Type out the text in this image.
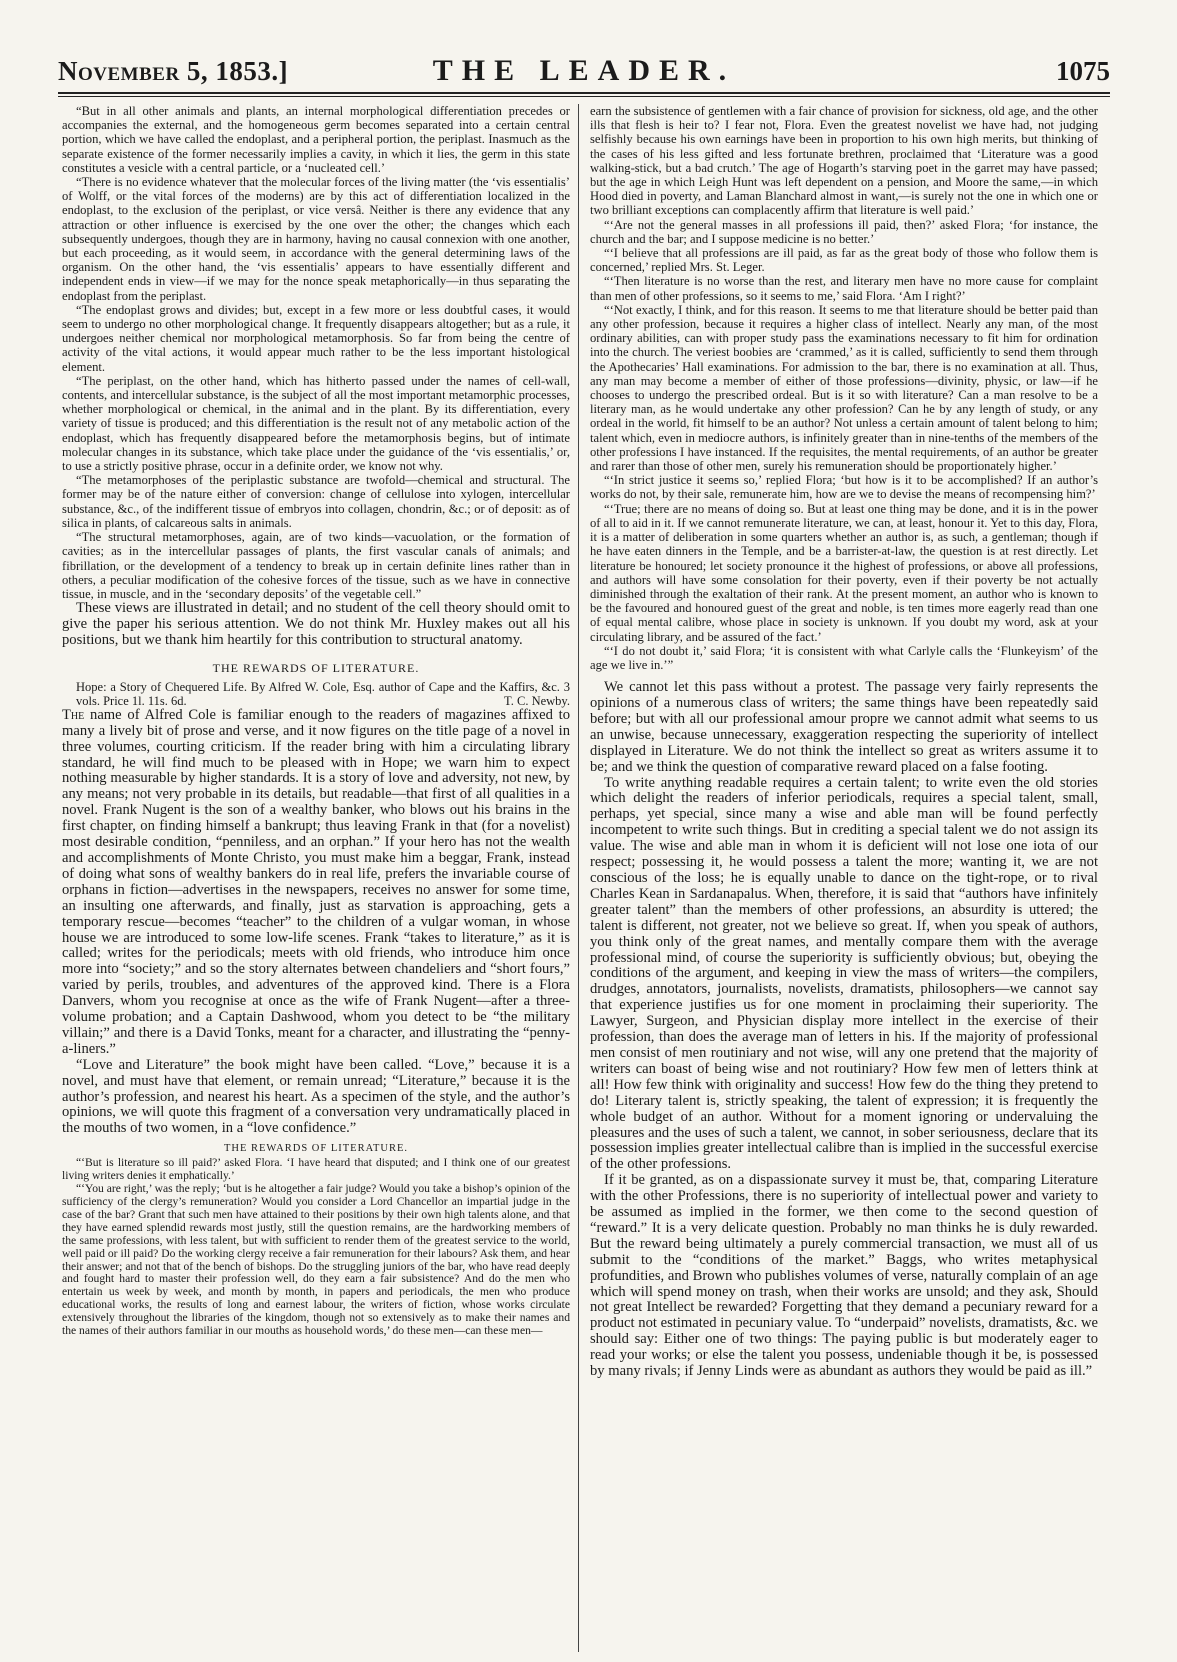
November 5, 1853.]	THE LEADER.	1075

“But in all other animals and plants, an internal morphological differentiation precedes or accompanies the external, and the homogeneous germ becomes separated into a certain central portion, which we have called the endoplast, and a peripheral portion, the periplast. Inasmuch as the separate existence of the former necessarily implies a cavity, in which it lies, the germ in this state constitutes a vesicle with a central particle, or a ‘nucleated cell.’

“There is no evidence whatever that the molecular forces of the living matter (the ‘vis essentialis’ of Wolff, or the vital forces of the moderns) are by this act of differentiation localized in the endoplast, to the exclusion of the periplast, or vice versâ. Neither is there any evidence that any attraction or other influence is exercised by the one over the other; the changes which each subsequently undergoes, though they are in harmony, having no causal connexion with one another, but each proceeding, as it would seem, in accordance with the general determining laws of the organism. On the other hand, the ‘vis essentialis’ appears to have essentially different and independent ends in view—if we may for the nonce speak metaphorically—in thus separating the endoplast from the periplast.

“The endoplast grows and divides; but, except in a few more or less doubtful cases, it would seem to undergo no other morphological change. It frequently disappears altogether; but as a rule, it undergoes neither chemical nor morphological metamorphosis. So far from being the centre of activity of the vital actions, it would appear much rather to be the less important histological element.

“The periplast, on the other hand, which has hitherto passed under the names of cell-wall, contents, and intercellular substance, is the subject of all the most important metamorphic processes, whether morphological or chemical, in the animal and in the plant. By its differentiation, every variety of tissue is produced; and this differentiation is the result not of any metabolic action of the endoplast, which has frequently disappeared before the metamorphosis begins, but of intimate molecular changes in its substance, which take place under the guidance of the ‘vis essentialis,’ or, to use a strictly positive phrase, occur in a definite order, we know not why.

“The metamorphoses of the periplastic substance are twofold—chemical and structural. The former may be of the nature either of conversion: change of cellulose into xylogen, intercellular substance, &c., of the indifferent tissue of embryos into collagen, chondrin, &c.; or of deposit: as of silica in plants, of calcareous salts in animals.

“The structural metamorphoses, again, are of two kinds—vacuolation, or the formation of cavities; as in the intercellular passages of plants, the first vascular canals of animals; and fibrillation, or the development of a tendency to break up in certain definite lines rather than in others, a peculiar modification of the cohesive forces of the tissue, such as we have in connective tissue, in muscle, and in the ‘secondary deposits’ of the vegetable cell.”

These views are illustrated in detail; and no student of the cell theory should omit to give the paper his serious attention. We do not think Mr. Huxley makes out all his positions, but we thank him heartily for this contribution to structural anatomy.

THE REWARDS OF LITERATURE.
Hope: a Story of Chequered Life. By Alfred W. Cole, Esq. author of Cape and the Kaffirs, &c. 3 vols. Price 1l. 11s. 6d.	T. C. Newby.

The name of Alfred Cole is familiar enough to the readers of magazines affixed to many a lively bit of prose and verse, and it now figures on the title page of a novel in three volumes, courting criticism. If the reader bring with him a circulating library standard, he will find much to be pleased with in Hope; we warn him to expect nothing measurable by higher standards. It is a story of love and adversity, not new, by any means; not very probable in its details, but readable—that first of all qualities in a novel. Frank Nugent is the son of a wealthy banker, who blows out his brains in the first chapter, on finding himself a bankrupt; thus leaving Frank in that (for a novelist) most desirable condition, “penniless, and an orphan.” If your hero has not the wealth and accomplishments of Monte Christo, you must make him a beggar, Frank, instead of doing what sons of wealthy bankers do in real life, prefers the invariable course of orphans in fiction—advertises in the newspapers, receives no answer for some time, an insulting one afterwards, and finally, just as starvation is approaching, gets a temporary rescue—becomes “teacher” to the children of a vulgar woman, in whose house we are introduced to some low-life scenes. Frank “takes to literature,” as it is called; writes for the periodicals; meets with old friends, who introduce him once more into “society;” and so the story alternates between chandeliers and “short fours,” varied by perils, troubles, and adventures of the approved kind. There is a Flora Danvers, whom you recognise at once as the wife of Frank Nugent—after a three-volume probation; and a Captain Dashwood, whom you detect to be “the military villain;” and there is a David Tonks, meant for a character, and illustrating the “penny-a-liners.”

“Love and Literature” the book might have been called. “Love,” because it is a novel, and must have that element, or remain unread; “Literature,” because it is the author’s profession, and nearest his heart. As a specimen of the style, and the author’s opinions, we will quote this fragment of a conversation very undramatically placed in the mouths of two women, in a “love confidence.”

THE REWARDS OF LITERATURE.

“‘But is literature so ill paid?’ asked Flora. ‘I have heard that disputed; and I think one of our greatest living writers denies it emphatically.’

“‘You are right,’ was the reply; ‘but is he altogether a fair judge? Would you take a bishop’s opinion of the sufficiency of the clergy’s remuneration? Would you consider a Lord Chancellor an impartial judge in the case of the bar? Grant that such men have attained to their positions by their own high talents alone, and that they have earned splendid rewards most justly, still the question remains, are the hardworking members of the same professions, with less talent, but with sufficient to render them of the greatest service to the world, well paid or ill paid? Do the working clergy receive a fair remuneration for their labours? Ask them, and hear their answer; and not that of the bench of bishops. Do the struggling juniors of the bar, who have read deeply and fought hard to master their profession well, do they earn a fair subsistence? And do the men who entertain us week by week, and month by month, in papers and periodicals, the men who produce educational works, the results of long and earnest labour, the writers of fiction, whose works circulate extensively throughout the libraries of the kingdom, though not so extensively as to make their names and the names of their authors familiar in our mouths as household words,’ do these men—can these men—

earn the subsistence of gentlemen with a fair chance of provision for sickness, old age, and the other ills that flesh is heir to? I fear not, Flora. Even the greatest novelist we have had, not judging selfishly because his own earnings have been in proportion to his own high merits, but thinking of the cases of his less gifted and less fortunate brethren, proclaimed that ‘Literature was a good walking-stick, but a bad crutch.’ The age of Hogarth’s starving poet in the garret may have passed; but the age in which Leigh Hunt was left dependent on a pension, and Moore the same,—in which Hood died in poverty, and Laman Blanchard almost in want,—is surely not the one in which one or two brilliant exceptions can complacently affirm that literature is well paid.’

“‘Are not the general masses in all professions ill paid, then?’ asked Flora; ‘for instance, the church and the bar; and I suppose medicine is no better.’

“‘I believe that all professions are ill paid, as far as the great body of those who follow them is concerned,’ replied Mrs. St. Leger.

“‘Then literature is no worse than the rest, and literary men have no more cause for complaint than men of other professions, so it seems to me,’ said Flora. ‘Am I right?’

“‘Not exactly, I think, and for this reason. It seems to me that literature should be better paid than any other profession, because it requires a higher class of intellect. Nearly any man, of the most ordinary abilities, can with proper study pass the examinations necessary to fit him for ordination into the church. The veriest boobies are ‘crammed,’ as it is called, sufficiently to send them through the Apothecaries’ Hall examinations. For admission to the bar, there is no examination at all. Thus, any man may become a member of either of those professions—divinity, physic, or law—if he chooses to undergo the prescribed ordeal. But is it so with literature? Can a man resolve to be a literary man, as he would undertake any other profession? Can he by any length of study, or any ordeal in the world, fit himself to be an author? Not unless a certain amount of talent belong to him; talent which, even in mediocre authors, is infinitely greater than in nine-tenths of the members of the other professions I have instanced. If the requisites, the mental requirements, of an author be greater and rarer than those of other men, surely his remuneration should be proportionately higher.’

“‘In strict justice it seems so,’ replied Flora; ‘but how is it to be accomplished? If an author’s works do not, by their sale, remunerate him, how are we to devise the means of recompensing him?’

“‘True; there are no means of doing so. But at least one thing may be done, and it is in the power of all to aid in it. If we cannot remunerate literature, we can, at least, honour it. Yet to this day, Flora, it is a matter of deliberation in some quarters whether an author is, as such, a gentleman; though if he have eaten dinners in the Temple, and be a barrister-at-law, the question is at rest directly. Let literature be honoured; let society pronounce it the highest of professions, or above all professions, and authors will have some consolation for their poverty, even if their poverty be not actually diminished through the exaltation of their rank. At the present moment, an author who is known to be the favoured and honoured guest of the great and noble, is ten times more eagerly read than one of equal mental calibre, whose place in society is unknown. If you doubt my word, ask at your circulating library, and be assured of the fact.’

“‘I do not doubt it,’ said Flora; ‘it is consistent with what Carlyle calls the ‘Flunkeyism’ of the age we live in.’”

We cannot let this pass without a protest. The passage very fairly represents the opinions of a numerous class of writers; the same things have been repeatedly said before; but with all our professional amour propre we cannot admit what seems to us an unwise, because unnecessary, exaggeration respecting the superiority of intellect displayed in Literature. We do not think the intellect so great as writers assume it to be; and we think the question of comparative reward placed on a false footing.

To write anything readable requires a certain talent; to write even the old stories which delight the readers of inferior periodicals, requires a special talent, small, perhaps, yet special, since many a wise and able man will be found perfectly incompetent to write such things. But in crediting a special talent we do not assign its value. The wise and able man in whom it is deficient will not lose one iota of our respect; possessing it, he would possess a talent the more; wanting it, we are not conscious of the loss; he is equally unable to dance on the tight-rope, or to rival Charles Kean in Sardanapalus. When, therefore, it is said that “authors have infinitely greater talent” than the members of other professions, an absurdity is uttered; the talent is different, not greater, not we believe so great. If, when you speak of authors, you think only of the great names, and mentally compare them with the average professional mind, of course the superiority is sufficiently obvious; but, obeying the conditions of the argument, and keeping in view the mass of writers—the compilers, drudges, annotators, journalists, novelists, dramatists, philosophers—we cannot say that experience justifies us for one moment in proclaiming their superiority. The Lawyer, Surgeon, and Physician display more intellect in the exercise of their profession, than does the average man of letters in his. If the majority of professional men consist of men routiniary and not wise, will any one pretend that the majority of writers can boast of being wise and not routiniary? How few men of letters think at all! How few think with originality and success! How few do the thing they pretend to do! Literary talent is, strictly speaking, the talent of expression; it is frequently the whole budget of an author. Without for a moment ignoring or undervaluing the pleasures and the uses of such a talent, we cannot, in sober seriousness, declare that its possession implies greater intellectual calibre than is implied in the successful exercise of the other professions.

If it be granted, as on a dispassionate survey it must be, that, comparing Literature with the other Professions, there is no superiority of intellectual power and variety to be assumed as implied in the former, we then come to the second question of “reward.” It is a very delicate question. Probably no man thinks he is duly rewarded. But the reward being ultimately a purely commercial transaction, we must all of us submit to the “conditions of the market.” Baggs, who writes metaphysical profundities, and Brown who publishes volumes of verse, naturally complain of an age which will spend money on trash, when their works are unsold; and they ask, Should not great Intellect be rewarded? Forgetting that they demand a pecuniary reward for a product not estimated in pecuniary value. To “underpaid” novelists, dramatists, &c. we should say: Either one of two things: The paying public is but moderately eager to read your works; or else the talent you possess, undeniable though it be, is possessed by many rivals; if Jenny Linds were as abundant as authors they would be paid as ill.”
